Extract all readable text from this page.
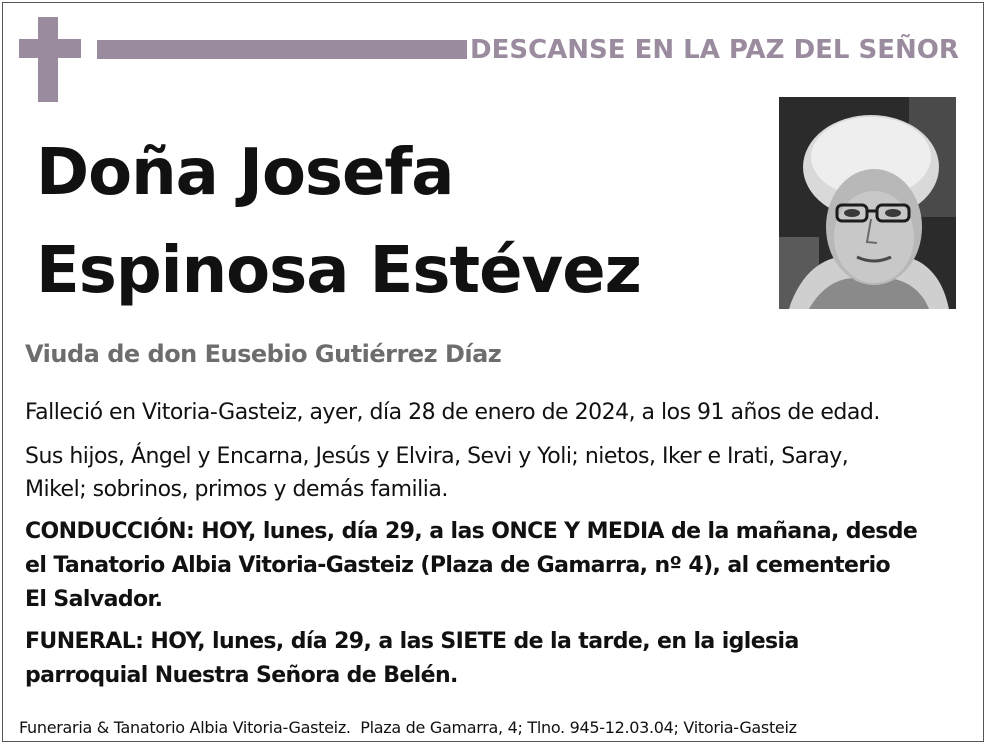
DESCANSE EN LA PAZ DEL SEÑOR
Doña Josefa
Espinosa Estévez
Viuda de don Eusebio Gutiérrez Díaz
Falleció en Vitoria-Gasteiz, ayer, día 28 de enero de 2024, a los 91 años de edad.
Sus hijos, Ángel y Encarna, Jesús y Elvira, Sevi y Yoli; nietos, Iker e Irati, Saray,
Mikel; sobrinos, primos y demás familia.
CONDUCCIÓN: HOY, lunes, día 29, a las ONCE Y MEDIA de la mañana, desde
el Tanatorio Albia Vitoria-Gasteiz (Plaza de Gamarra, nº 4), al cementerio
El Salvador.
FUNERAL: HOY, lunes, día 29, a las SIETE de la tarde, en la iglesia
parroquial Nuestra Señora de Belén.
Funeraria & Tanatorio Albia Vitoria-Gasteiz.  Plaza de Gamarra, 4; Tlno. 945-12.03.04; Vitoria-Gasteiz
